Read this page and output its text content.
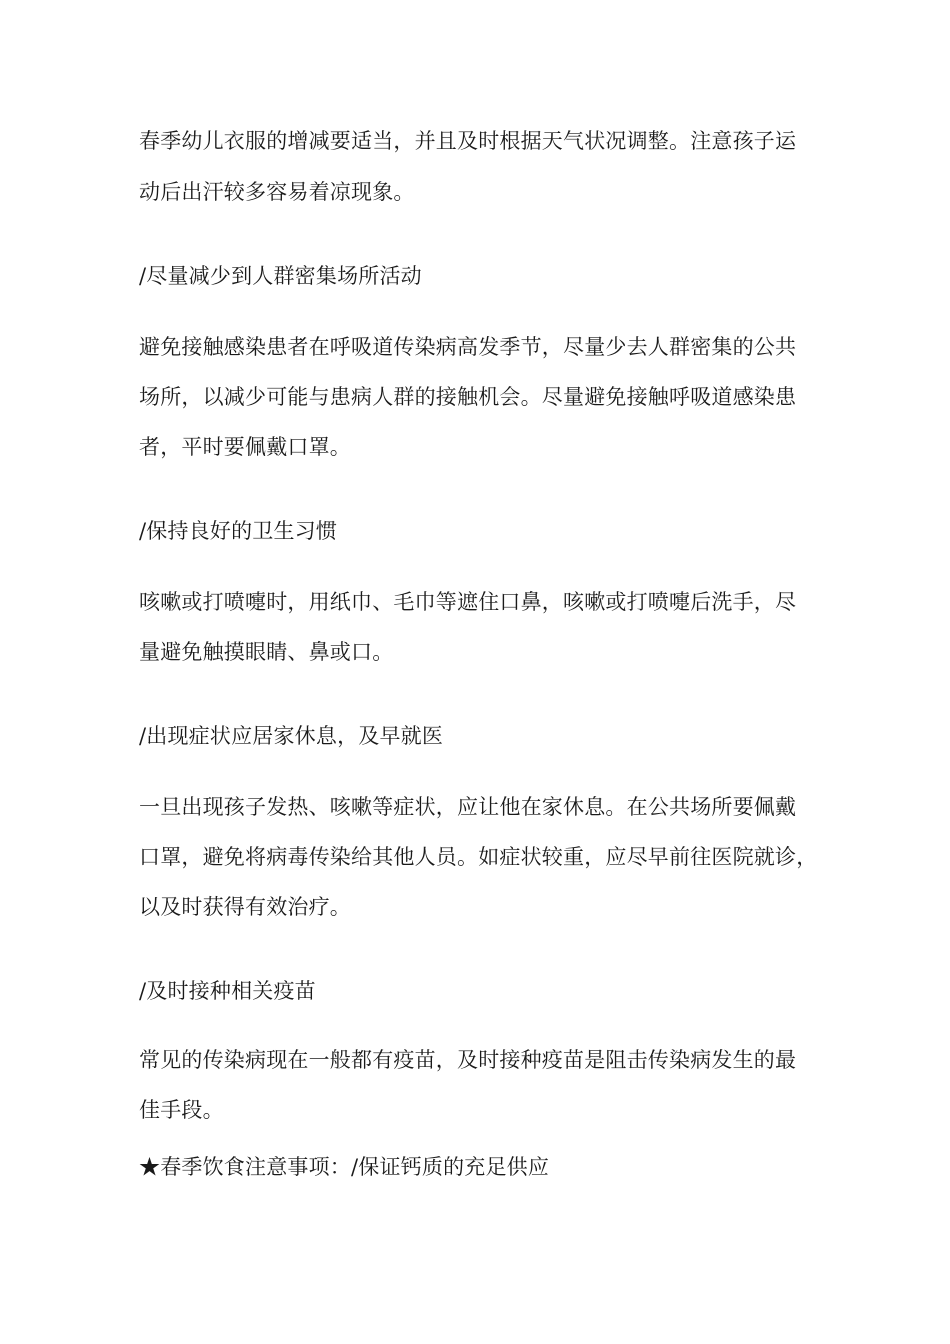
春季幼儿衣服的增减要适当，并且及时根据天气状况调整。注意孩子运
动后出汗较多容易着凉现象。
/尽量减少到人群密集场所活动
避免接触感染患者在呼吸道传染病高发季节，尽量少去人群密集的公共
场所，以减少可能与患病人群的接触机会。尽量避免接触呼吸道感染患
者，平时要佩戴口罩。
/保持良好的卫生习惯
咳嗽或打喷嚏时，用纸巾、毛巾等遮住口鼻，咳嗽或打喷嚏后洗手，尽
量避免触摸眼睛、鼻或口。
/出现症状应居家休息，及早就医
一旦出现孩子发热、咳嗽等症状，应让他在家休息。在公共场所要佩戴
口罩，避免将病毒传染给其他人员。如症状较重，应尽早前往医院就诊，
以及时获得有效治疗。
/及时接种相关疫苗
常见的传染病现在一般都有疫苗，及时接种疫苗是阻击传染病发生的最
佳手段。
★春季饮食注意事项：/保证钙质的充足供应
